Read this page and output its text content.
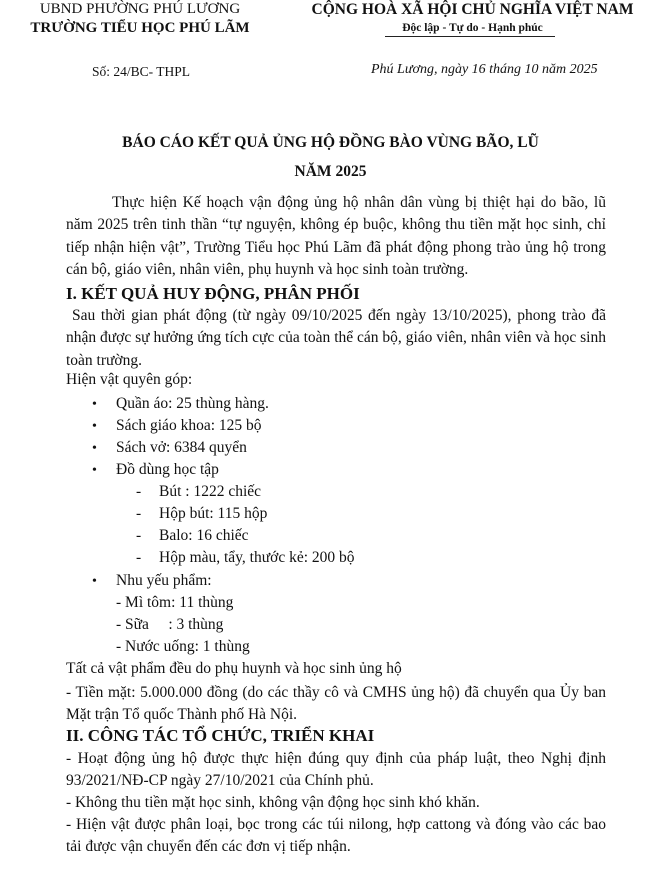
UBND PHƯỜNG PHÚ LƯƠNG
TRƯỜNG TIỂU HỌC PHÚ LÃM
CỘNG HOÀ XÃ HỘI CHỦ NGHĨA VIỆT NAM
Độc lập - Tự do - Hạnh phúc
Số: 24/BC- THPL	Phú Lương, ngày 16 tháng 10 năm 2025
BÁO CÁO KẾT QUẢ ỦNG HỘ ĐỒNG BÀO VÙNG BÃO, LŨ
NĂM 2025
Thực hiện Kế hoạch vận động ủng hộ nhân dân vùng bị thiệt hại do bão, lũ năm 2025 trên tinh thần “tự nguyện, không ép buộc, không thu tiền mặt học sinh, chỉ tiếp nhận hiện vật”, Trường Tiểu học Phú Lãm đã phát động phong trào ủng hộ trong cán bộ, giáo viên, nhân viên, phụ huynh và học sinh toàn trường.
I. KẾT QUẢ HUY ĐỘNG, PHÂN PHỐI
Sau thời gian phát động (từ ngày 09/10/2025 đến ngày 13/10/2025), phong trào đã nhận được sự hưởng ứng tích cực của toàn thể cán bộ, giáo viên, nhân viên và học sinh toàn trường.
Hiện vật quyên góp:
• Quần áo: 25 thùng hàng.
• Sách giáo khoa: 125 bộ
• Sách vở: 6384 quyển
• Đồ dùng học tập
- Bút : 1222 chiếc
- Hộp bút: 115 hộp
- Balo: 16 chiếc
- Hộp màu, tẩy, thước kẻ: 200 bộ
• Nhu yếu phẩm:
- Mì tôm: 11 thùng
- Sữa     : 3 thùng
- Nước uống: 1 thùng
Tất cả vật phẩm đều do phụ huynh và học sinh ủng hộ
- Tiền mặt: 5.000.000 đồng (do các thầy cô và CMHS ủng hộ) đã chuyển qua Ủy ban Mặt trận Tổ quốc Thành phố Hà Nội.
II. CÔNG TÁC TỔ CHỨC, TRIỂN KHAI
- Hoạt động ủng hộ được thực hiện đúng quy định của pháp luật, theo Nghị định 93/2021/NĐ-CP ngày 27/10/2021 của Chính phủ.
- Không thu tiền mặt học sinh, không vận động học sinh khó khăn.
- Hiện vật được phân loại, bọc trong các túi nilong, hợp cattong và đóng vào các bao tải được vận chuyển đến các đơn vị tiếp nhận.
